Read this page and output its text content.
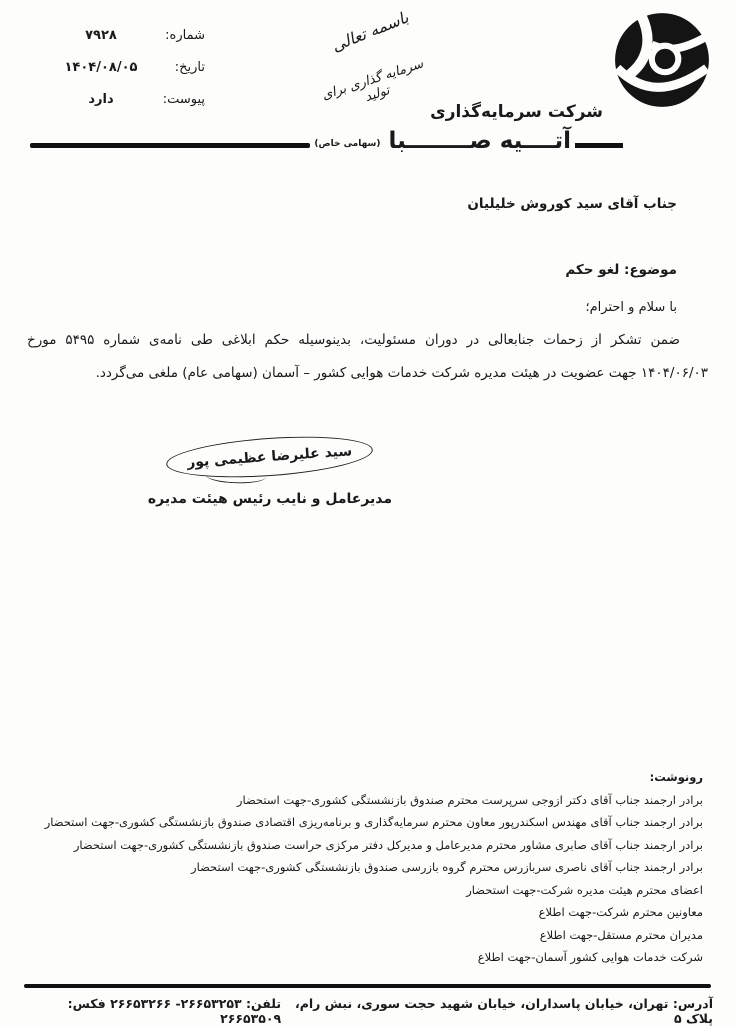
شماره:
۷۹۲۸
تاریخ:
۱۴۰۴/۰۸/۰۵
پیوست:
دارد
باسمه تعالی
سرمایه گذاری برای تولید
شرکت سرمایه‌گذاری
آتــــیه صــــــــبا (سهامی خاص)
جناب آقای سید کوروش خلیلیان
موضوع: لغو حکم
با سلام و احترام؛
ضمن تشکر از زحمات جنابعالی در دوران مسئولیت، بدینوسیله حکم ابلاغی طی نامه‌ی شماره ۵۴۹۵ مورخ ۱۴۰۴/۰۶/۰۳ جهت عضویت در هیئت مدیره شرکت خدمات هوایی کشور – آسمان (سهامی عام) ملغی می‌گردد.
سید علیرضا عظیمی پور
مدیرعامل و نایب رئیس هیئت مدیره
رونوشت:
برادر ارجمند جناب آقای دکتر ازوجی سرپرست محترم صندوق بازنشستگی کشوری-جهت استحضار
برادر ارجمند جناب آقای مهندس اسکندرپور معاون محترم سرمایه‌گذاری و برنامه‌ریزی اقتصادی صندوق بازنشستگی کشوری-جهت استحضار
برادر ارجمند جناب آقای صابری مشاور محترم مدیرعامل و مدیرکل دفتر مرکزی حراست صندوق بازنشستگی کشوری-جهت استحضار
برادر ارجمند جناب آقای ناصری سربازرس محترم گروه بازرسی صندوق بازنشستگی کشوری-جهت استحضار
اعضای محترم هیئت مدیره شرکت-جهت استحضار
معاونین محترم شرکت-جهت اطلاع
مدیران محترم مستقل-جهت اطلاع
شرکت خدمات هوایی کشور آسمان-جهت اطلاع
آدرس: تهران، خیابان پاسداران، خیابان شهید حجت سوری، نبش رام، پلاک ۵
تلفن: ۲۶۶۵۳۲۵۳- ۲۶۶۵۳۲۶۶ فکس: ۲۶۶۵۳۵۰۹
